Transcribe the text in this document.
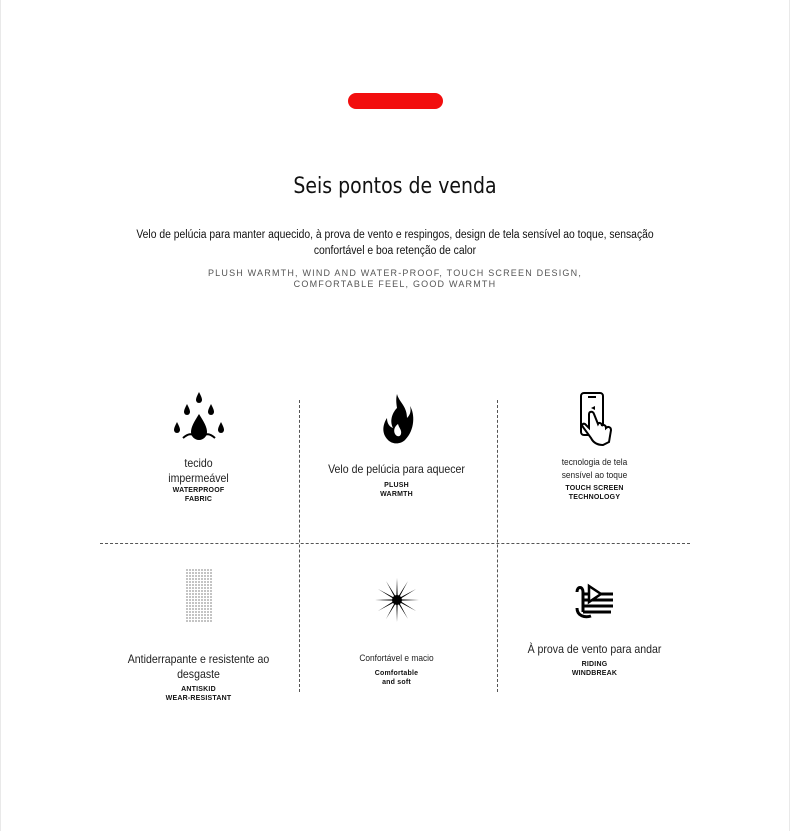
Seis pontos de venda
Velo de pelúcia para manter aquecido, à prova de vento e respingos, design de tela sensível ao toque, sensação confortável e boa retenção de calor
PLUSH WARMTH, WIND AND WATER-PROOF, TOUCH SCREEN DESIGN,
COMFORTABLE FEEL, GOOD WARMTH
tecido
impermeável
WATERPROOF
FABRIC
Velo de pelúcia para aquecer
PLUSH
WARMTH
tecnologia de tela
sensível ao toque
TOUCH SCREEN
TECHNOLOGY
Antiderrapante e resistente ao desgaste
ANTISKID
WEAR-RESISTANT
Confortável e macio
Comfortable
and soft
À prova de vento para andar
RIDING
WINDBREAK
